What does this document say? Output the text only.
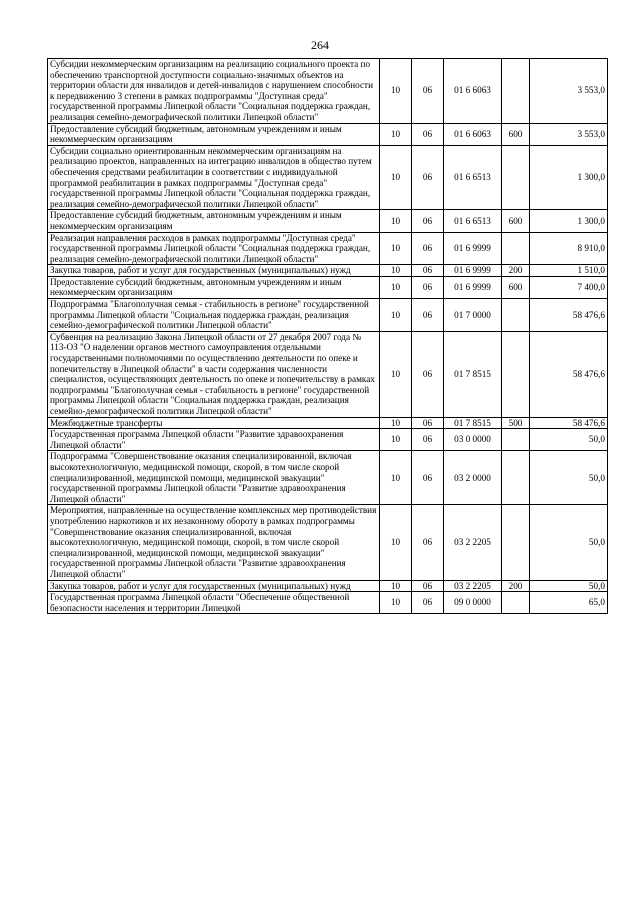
264
Субсидии некоммерческим организациям на реализацию социального проекта по обеспечению транспортной доступности социально-значимых объектов на территории области для инвалидов и детей-инвалидов с нарушением способности к передвижению 3 степени в рамках подпрограммы "Доступная среда" государственной программы Липецкой области "Социальная поддержка граждан, реализация семейно-демографической политики Липецкой области"	10	06	01 6 6063		3 553,0
Предоставление субсидий бюджетным, автономным учреждениям и иным некоммерческим организациям	10	06	01 6 6063	600	3 553,0
Субсидии социально ориентированным некоммерческим организациям на реализацию проектов, направленных на интеграцию инвалидов в общество путем обеспечения средствами реабилитации в соответствии с индивидуальной программой реабилитации в рамках подпрограммы "Доступная среда" государственной программы Липецкой области "Социальная поддержка граждан, реализация семейно-демографической политики Липецкой области"	10	06	01 6 6513		1 300,0
Предоставление субсидий бюджетным, автономным учреждениям и иным некоммерческим организациям	10	06	01 6 6513	600	1 300,0
Реализация направления расходов в рамках подпрограммы "Доступная среда" государственной программы Липецкой области "Социальная поддержка граждан, реализация семейно-демографической политики Липецкой области"	10	06	01 6 9999		8 910,0
Закупка товаров, работ и услуг для государственных (муниципальных) нужд	10	06	01 6 9999	200	1 510,0
Предоставление субсидий бюджетным, автономным учреждениям и иным некоммерческим организациям	10	06	01 6 9999	600	7 400,0
Подпрограмма "Благополучная семья - стабильность в регионе" государственной программы Липецкой области "Социальная поддержка граждан, реализация семейно-демографической политики Липецкой области"	10	06	01 7 0000		58 476,6
Субвенция на реализацию Закона Липецкой области от 27 декабря 2007 года № 113-ОЗ "О наделении органов местного самоуправления отдельными государственными полномочиями по осуществлению деятельности по опеке и попечительству в Липецкой области" в части содержания численности специалистов, осуществляющих деятельность по опеке и попечительству в рамках подпрограммы "Благополучная семья - стабильность в регионе" государственной программы Липецкой области "Социальная поддержка граждан, реализация семейно-демографической политики Липецкой области"	10	06	01 7 8515		58 476,6
Межбюджетные трансферты	10	06	01 7 8515	500	58 476,6
Государственная программа Липецкой области "Развитие здравоохранения Липецкой области"	10	06	03 0 0000		50,0
Подпрограмма "Совершенствование оказания специализированной, включая высокотехнологичную, медицинской помощи, скорой, в том числе скорой специализированной, медицинской помощи, медицинской эвакуации" государственной программы Липецкой области "Развитие здравоохранения Липецкой области"	10	06	03 2 0000		50,0
Мероприятия, направленные на осуществление комплексных мер противодействия употреблению наркотиков и их незаконному обороту в рамках подпрограммы "Совершенствование оказания специализированной, включая высокотехнологичную, медицинской помощи, скорой, в том числе скорой специализированной, медицинской помощи, медицинской эвакуации" государственной программы Липецкой области "Развитие здравоохранения Липецкой области"	10	06	03 2 2205		50,0
Закупка товаров, работ и услуг для государственных (муниципальных) нужд	10	06	03 2 2205	200	50,0
Государственная программа Липецкой области "Обеспечение общественной безопасности населения и территории Липецкой	10	06	09 0 0000		65,0
